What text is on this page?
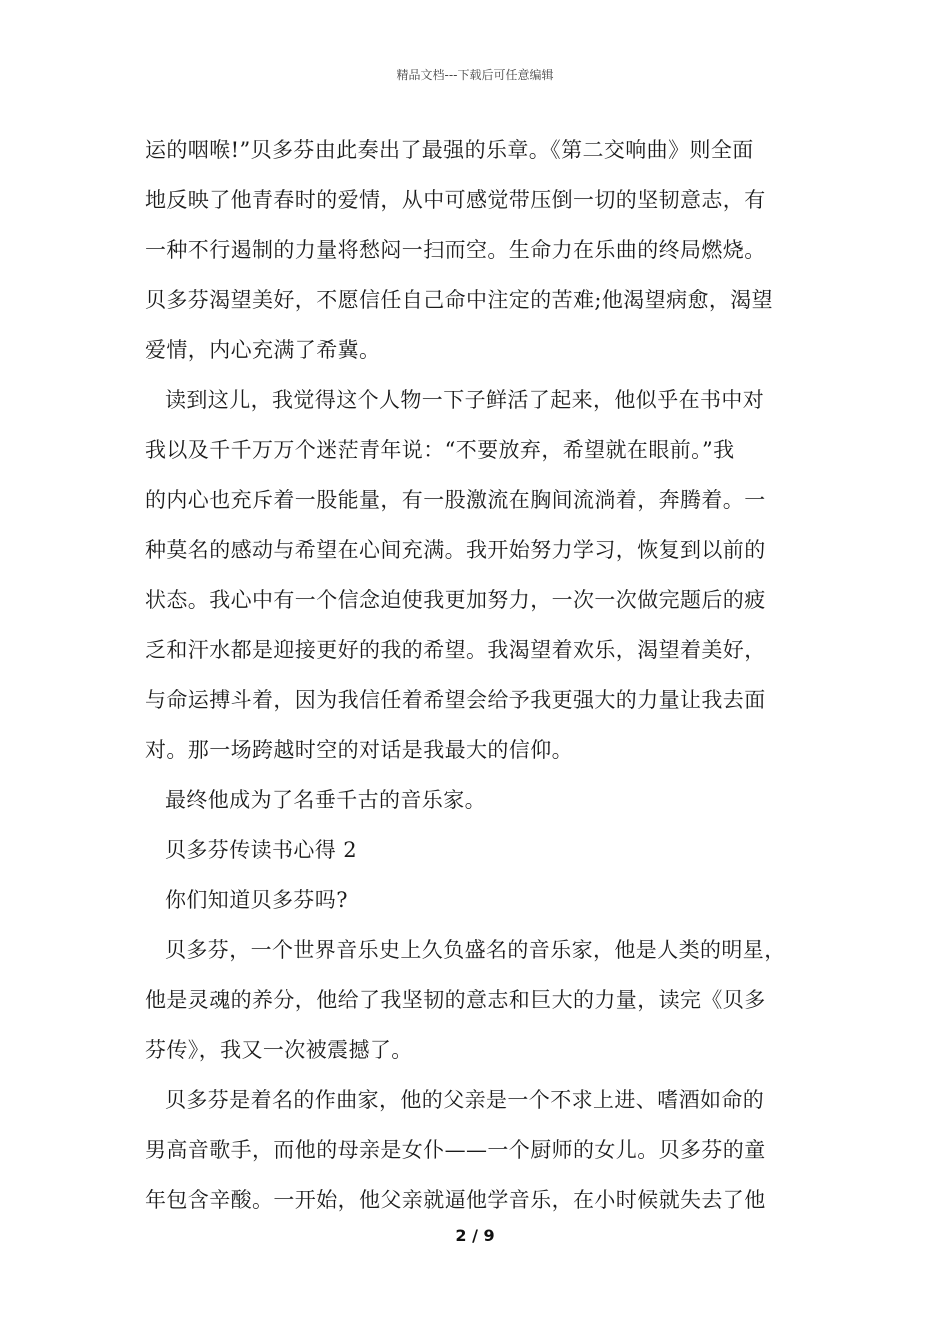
精品文档---下载后可任意编辑
运的咽喉!”贝多芬由此奏出了最强的乐章。《第二交响曲》则全面
地反映了他青春时的爱情，从中可感觉带压倒一切的坚韧意志，有
一种不行遏制的力量将愁闷一扫而空。生命力在乐曲的终局燃烧。
贝多芬渴望美好，不愿信任自己命中注定的苦难;他渴望病愈，渴望
爱情，内心充满了希冀。
读到这儿，我觉得这个人物一下子鲜活了起来，他似乎在书中对
我以及千千万万个迷茫青年说：“不要放弃，希望就在眼前。”我
的内心也充斥着一股能量，有一股激流在胸间流淌着，奔腾着。一
种莫名的感动与希望在心间充满。我开始努力学习，恢复到以前的
状态。我心中有一个信念迫使我更加努力，一次一次做完题后的疲
乏和汗水都是迎接更好的我的希望。我渴望着欢乐，渴望着美好，
与命运搏斗着，因为我信任着希望会给予我更强大的力量让我去面
对。那一场跨越时空的对话是我最大的信仰。
最终他成为了名垂千古的音乐家。
贝多芬传读书心得 2
你们知道贝多芬吗?
贝多芬，一个世界音乐史上久负盛名的音乐家，他是人类的明星，
他是灵魂的养分，他给了我坚韧的意志和巨大的力量，读完《贝多
芬传》，我又一次被震撼了。
贝多芬是着名的作曲家，他的父亲是一个不求上进、嗜酒如命的
男高音歌手，而他的母亲是女仆——一个厨师的女儿。贝多芬的童
年包含辛酸。一开始，他父亲就逼他学音乐，在小时候就失去了他
2 / 9
